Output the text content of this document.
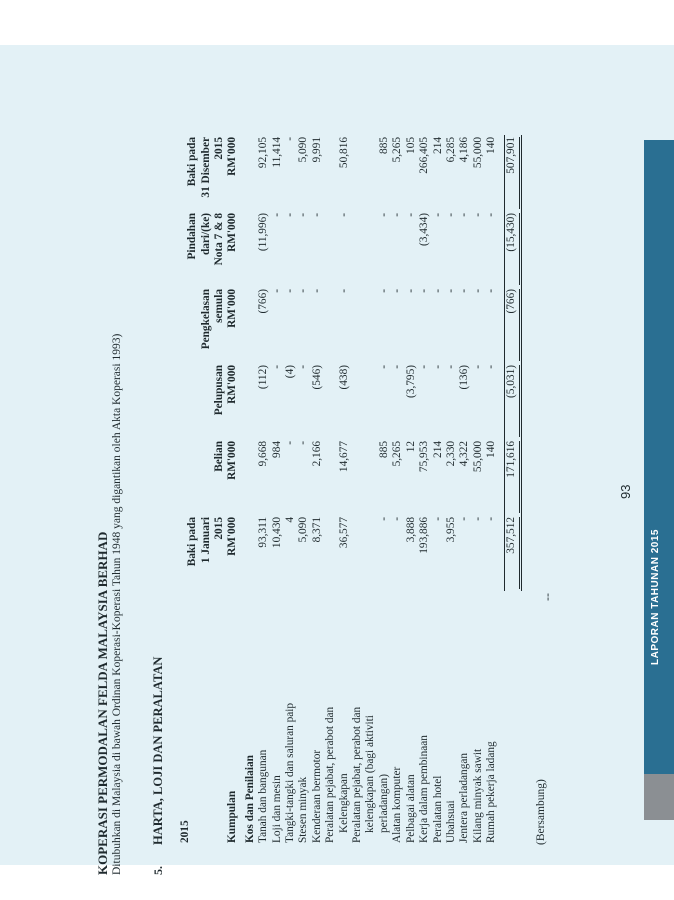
KOPERASI PERMODALAN FELDA MALAYSIA BERHAD Ditubuhkan di Malaysia di bawah Ordinan Koperasi-Koperasi Tahun 1948 yang digantikan oleh Akta Koperasi 1993) 5.
HARTA, LOJI DAN PERALATAN 2015 Kumpulan	Baki pada 1 Januari 2015 RM'000	Belian RM'000	Pelupusan RM'000	Pengkelasan semula RM'000	Pindahan dari/(ke) Nota 7 & 8 RM'000	Baki pada 31 Disember 2015 RM'000

Kos dan Penilaian						
Tanah dan bangunan	93,311	9,668	(112)	(766)	(11,996)	92,105
Loji dan mesin	10,430	984	-	-	-	11,414
Tangki-tangki dan saluran paip	4	-	(4)	-	-	-
Stesen minyak	5,090	-	-	-	-	5,090
Kenderaan bermotor	8,371	2,166	(546)	-	-	9,991
Peralatan pejabat, perabot dan						
Kelengkapan	36,577	14,677	(438)	-	-	50,816
Peralatan pejabat, perabot dan						
kelengkapan (bagi aktiviti						
perladangan)	-	885	-	-	-	885
Alatan komputer	-	5,265	-	-	-	5,265
Pelbagai alatan	3,888	12	(3,795)	-	-	105
Kerja dalam pembinaan	193,886	75,953	-	-	(3,434)	266,405
Peralatan hotel	-	214	-	-	-	214
Ubahsuai	3,955	2,330	-	-	-	6,285
Jentera perladangan	-	4,322	(136)	-	-	4,186
Kilang minyak sawit	-	55,000	-	-	-	55,000
Rumah pekerja ladang	-	140	-	-	-	140

	357,512	171,616	(5,031)	(766)	(15,430)	507,901
(Bersambung)
--
93
LAPORAN TAHUNAN 2015
